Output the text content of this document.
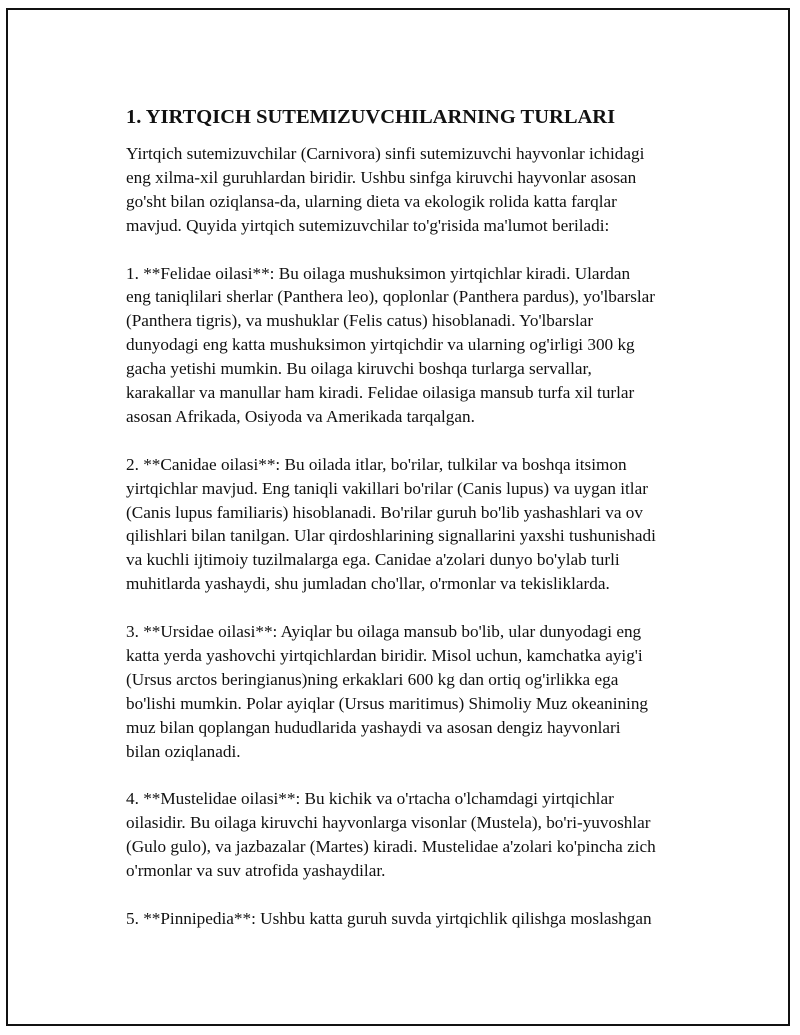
1. YIRTQICH SUTEMIZUVCHILARNING TURLARI
Yirtqich sutemizuvchilar (Carnivora) sinfi sutemizuvchi hayvonlar ichidagi
eng xilma-xil guruhlardan biridir. Ushbu sinfga kiruvchi hayvonlar asosan
go'sht bilan oziqlansa-da, ularning dieta va ekologik rolida katta farqlar
mavjud. Quyida yirtqich sutemizuvchilar to'g'risida ma'lumot beriladi:
1. **Felidae oilasi**: Bu oilaga mushuksimon yirtqichlar kiradi. Ulardan
eng taniqlilari sherlar (Panthera leo), qoplonlar (Panthera pardus), yo'lbarslar
(Panthera tigris), va mushuklar (Felis catus) hisoblanadi. Yo'lbarslar
dunyodagi eng katta mushuksimon yirtqichdir va ularning og'irligi 300 kg
gacha yetishi mumkin. Bu oilaga kiruvchi boshqa turlarga servallar,
karakallar va manullar ham kiradi. Felidae oilasiga mansub turfa xil turlar
asosan Afrikada, Osiyoda va Amerikada tarqalgan.
2. **Canidae oilasi**: Bu oilada itlar, bo'rilar, tulkilar va boshqa itsimon
yirtqichlar mavjud. Eng taniqli vakillari bo'rilar (Canis lupus) va uygan itlar
(Canis lupus familiaris) hisoblanadi. Bo'rilar guruh bo'lib yashashlari va ov
qilishlari bilan tanilgan. Ular qirdoshlarining signallarini yaxshi tushunishadi
va kuchli ijtimoiy tuzilmalarga ega. Canidae a'zolari dunyo bo'ylab turli
muhitlarda yashaydi, shu jumladan cho'llar, o'rmonlar va tekisliklarda.
3. **Ursidae oilasi**: Ayiqlar bu oilaga mansub bo'lib, ular dunyodagi eng
katta yerda yashovchi yirtqichlardan biridir. Misol uchun, kamchatka ayig'i
(Ursus arctos beringianus)ning erkaklari 600 kg dan ortiq og'irlikka ega
bo'lishi mumkin. Polar ayiqlar (Ursus maritimus) Shimoliy Muz okeanining
muz bilan qoplangan hududlarida yashaydi va asosan dengiz hayvonlari
bilan oziqlanadi.
4. **Mustelidae oilasi**: Bu kichik va o'rtacha o'lchamdagi yirtqichlar
oilasidir. Bu oilaga kiruvchi hayvonlarga visonlar (Mustela), bo'ri-yuvoshlar
(Gulo gulo), va jazbazalar (Martes) kiradi. Mustelidae a'zolari ko'pincha zich
o'rmonlar va suv atrofida yashaydilar.
5. **Pinnipedia**: Ushbu katta guruh suvda yirtqichlik qilishga moslashgan
